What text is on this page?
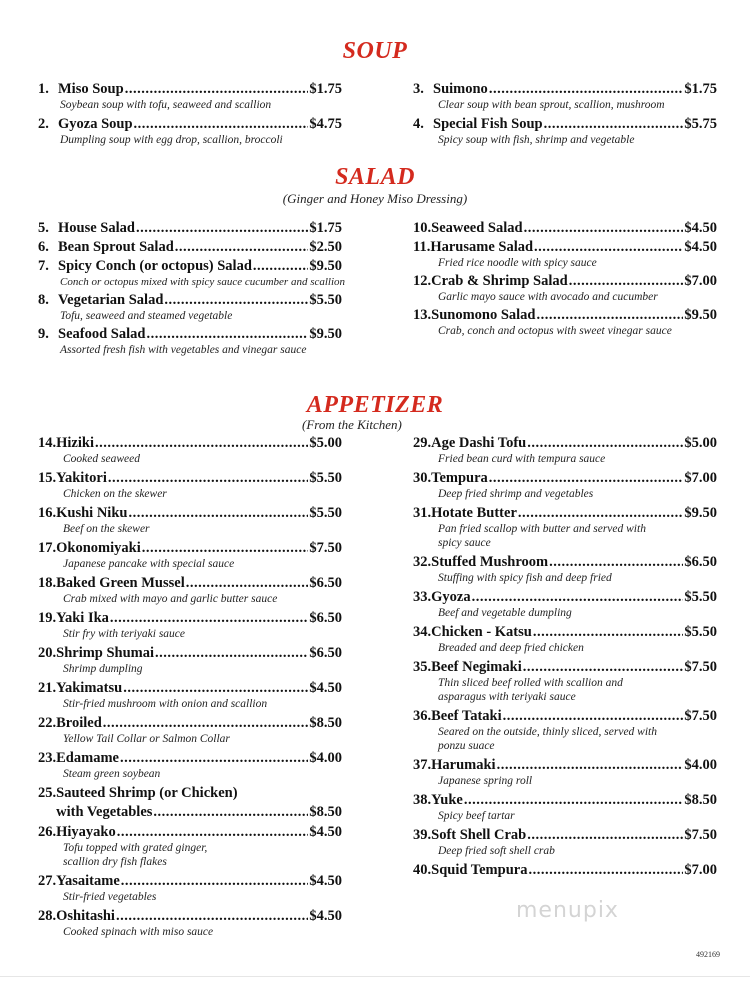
SOUP
1. Miso Soup .....	$1.75
Soybean soup with tofu, seaweed and scallion
2. Gyoza Soup .....	$4.75
Dumpling soup with egg drop, scallion, broccoli
3. Suimono .....	$1.75
Clear soup with bean sprout, scallion, mushroom
4. Special Fish Soup .....	$5.75
Spicy soup with fish, shrimp and vegetable
SALAD
(Ginger and Honey Miso Dressing)
5. House Salad .....	$1.75
6. Bean Sprout Salad .....	$2.50
7. Spicy Conch (or octopus) Salad .....	$9.50
Conch or octopus mixed with spicy sauce cucumber and scallion
8. Vegetarian Salad .....	$5.50
Tofu, seaweed and steamed vegetable
9. Seafood Salad .....	$9.50
Assorted fresh fish with vegetables and vinegar sauce
10. Seaweed Salad .....	$4.50
11. Harusame Salad .....	$4.50
Fried rice noodle with spicy sauce
12. Crab & Shrimp Salad .....	$7.00
Garlic mayo sauce with avocado and cucumber
13. Sunomono Salad .....	$9.50
Crab, conch and octopus with sweet vinegar sauce
APPETIZER
(From the Kitchen)
14. Hiziki .....	$5.00
Cooked seaweed
15. Yakitori .....	$5.50
Chicken on the skewer
16. Kushi Niku .....	$5.50
Beef on the skewer
17. Okonomiyaki .....	$7.50
Japanese pancake with special sauce
18. Baked Green Mussel .....	$6.50
Crab mixed with mayo and garlic butter sauce
19. Yaki Ika .....	$6.50
Stir fry with teriyaki sauce
20. Shrimp Shumai .....	$6.50
Shrimp dumpling
21. Yakimatsu .....	$4.50
Stir-fried mushroom with onion and scallion
22. Broiled .....	$8.50
Yellow Tail Collar or Salmon Collar
23. Edamame .....	$4.00
Steam green soybean
25. Sauteed Shrimp (or Chicken)
with Vegetables .....	$8.50
26. Hiyayako .....	$4.50
Tofu topped with grated ginger, scallion dry fish flakes
27. Yasaitame .....	$4.50
Stir-fried vegetables
28. Oshitashi .....	$4.50
Cooked spinach with miso sauce
29. Age Dashi Tofu .....	$5.00
Fried bean curd with tempura sauce
30. Tempura .....	$7.00
Deep fried shrimp and vegetables
31. Hotate Butter .....	$9.50
Pan fried scallop with butter and served with spicy sauce
32. Stuffed Mushroom .....	$6.50
Stuffing with spicy fish and deep fried
33. Gyoza .....	$5.50
Beef and vegetable dumpling
34. Chicken - Katsu .....	$5.50
Breaded and deep fried chicken
35. Beef Negimaki .....	$7.50
Thin sliced beef rolled with scallion and asparagus with teriyaki sauce
36. Beef Tataki .....	$7.50
Seared on the outside, thinly sliced, served with ponzu suace
37. Harumaki .....	$4.00
Japanese spring roll
38. Yuke .....	$8.50
Spicy beef tartar
39. Soft Shell Crab .....	$7.50
Deep fried soft shell crab
40. Squid Tempura .....	$7.00
menupix
492169
